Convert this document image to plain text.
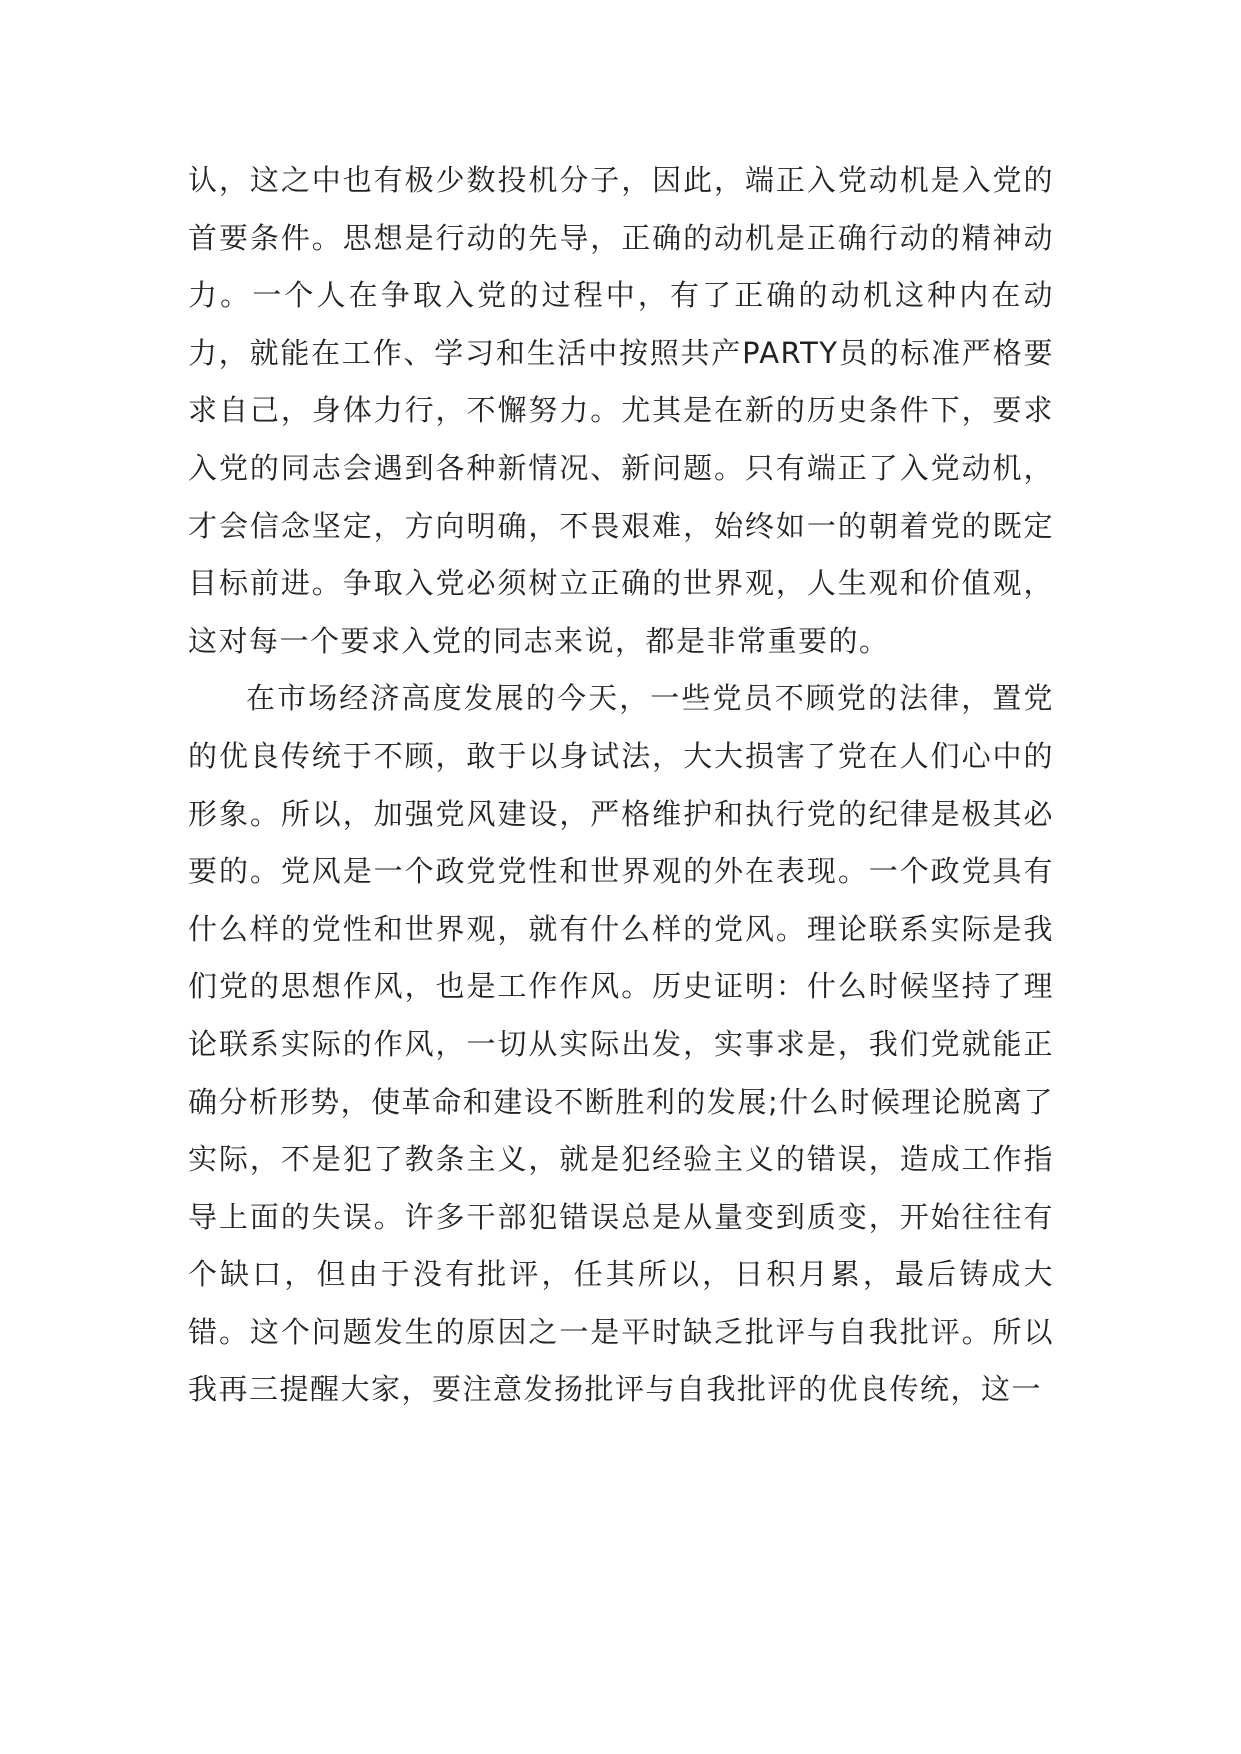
认，这之中也有极少数投机分子，因此，端正入党动机是入党的首要条件。思想是行动的先导，正确的动机是正确行动的精神动力。一个人在争取入党的过程中，有了正确的动机这种内在动力，就能在工作、学习和生活中按照共产PARTY员的标准严格要求自己，身体力行，不懈努力。尤其是在新的历史条件下，要求入党的同志会遇到各种新情况、新问题。只有端正了入党动机，才会信念坚定，方向明确，不畏艰难，始终如一的朝着党的既定目标前进。争取入党必须树立正确的世界观，人生观和价值观，这对每一个要求入党的同志来说，都是非常重要的。

在市场经济高度发展的今天，一些党员不顾党的法律，置党的优良传统于不顾，敢于以身试法，大大损害了党在人们心中的形象。所以，加强党风建设，严格维护和执行党的纪律是极其必要的。党风是一个政党党性和世界观的外在表现。一个政党具有什么样的党性和世界观，就有什么样的党风。理论联系实际是我们党的思想作风，也是工作作风。历史证明：什么时候坚持了理论联系实际的作风，一切从实际出发，实事求是，我们党就能正确分析形势，使革命和建设不断胜利的发展;什么时候理论脱离了实际，不是犯了教条主义，就是犯经验主义的错误，造成工作指导上面的失误。许多干部犯错误总是从量变到质变，开始往往有个缺口，但由于没有批评，任其所以，日积月累，最后铸成大错。这个问题发生的原因之一是平时缺乏批评与自我批评。所以我再三提醒大家，要注意发扬批评与自我批评的优良传统，这一
